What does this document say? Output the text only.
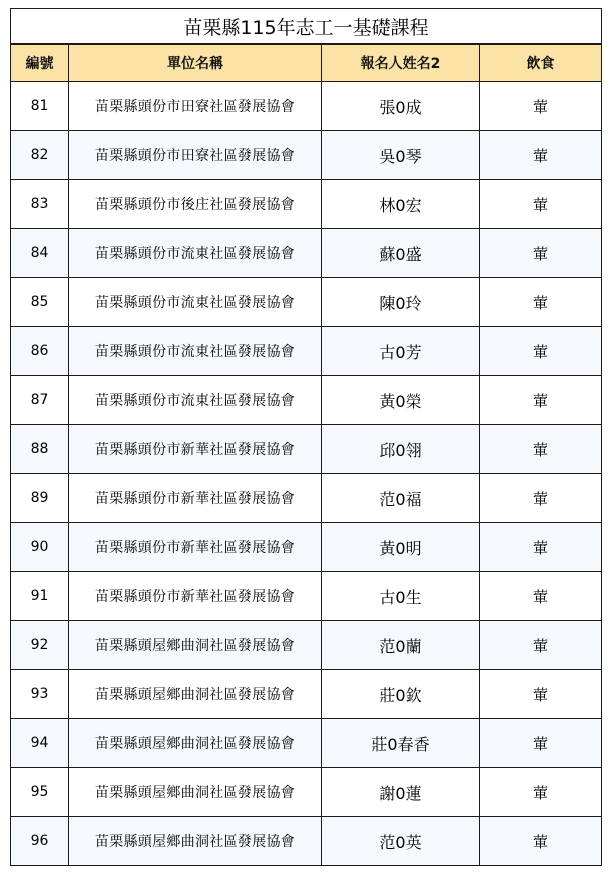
苗栗縣115年志工一基礎課程			
編號	單位名稱	報名人姓名2	飲食
81	苗栗縣頭份市田寮社區發展協會	張0成	葷
82	苗栗縣頭份市田寮社區發展協會	吳0琴	葷
83	苗栗縣頭份市後庄社區發展協會	林0宏	葷
84	苗栗縣頭份市流東社區發展協會	蘇0盛	葷
85	苗栗縣頭份市流東社區發展協會	陳0玲	葷
86	苗栗縣頭份市流東社區發展協會	古0芳	葷
87	苗栗縣頭份市流東社區發展協會	黃0榮	葷
88	苗栗縣頭份市新華社區發展協會	邱0翎	葷
89	苗栗縣頭份市新華社區發展協會	范0福	葷
90	苗栗縣頭份市新華社區發展協會	黃0明	葷
91	苗栗縣頭份市新華社區發展協會	古0生	葷
92	苗栗縣頭屋鄉曲洞社區發展協會	范0蘭	葷
93	苗栗縣頭屋鄉曲洞社區發展協會	莊0欽	葷
94	苗栗縣頭屋鄉曲洞社區發展協會	莊0春香	葷
95	苗栗縣頭屋鄉曲洞社區發展協會	謝0蓮	葷
96	苗栗縣頭屋鄉曲洞社區發展協會	范0英	葷
